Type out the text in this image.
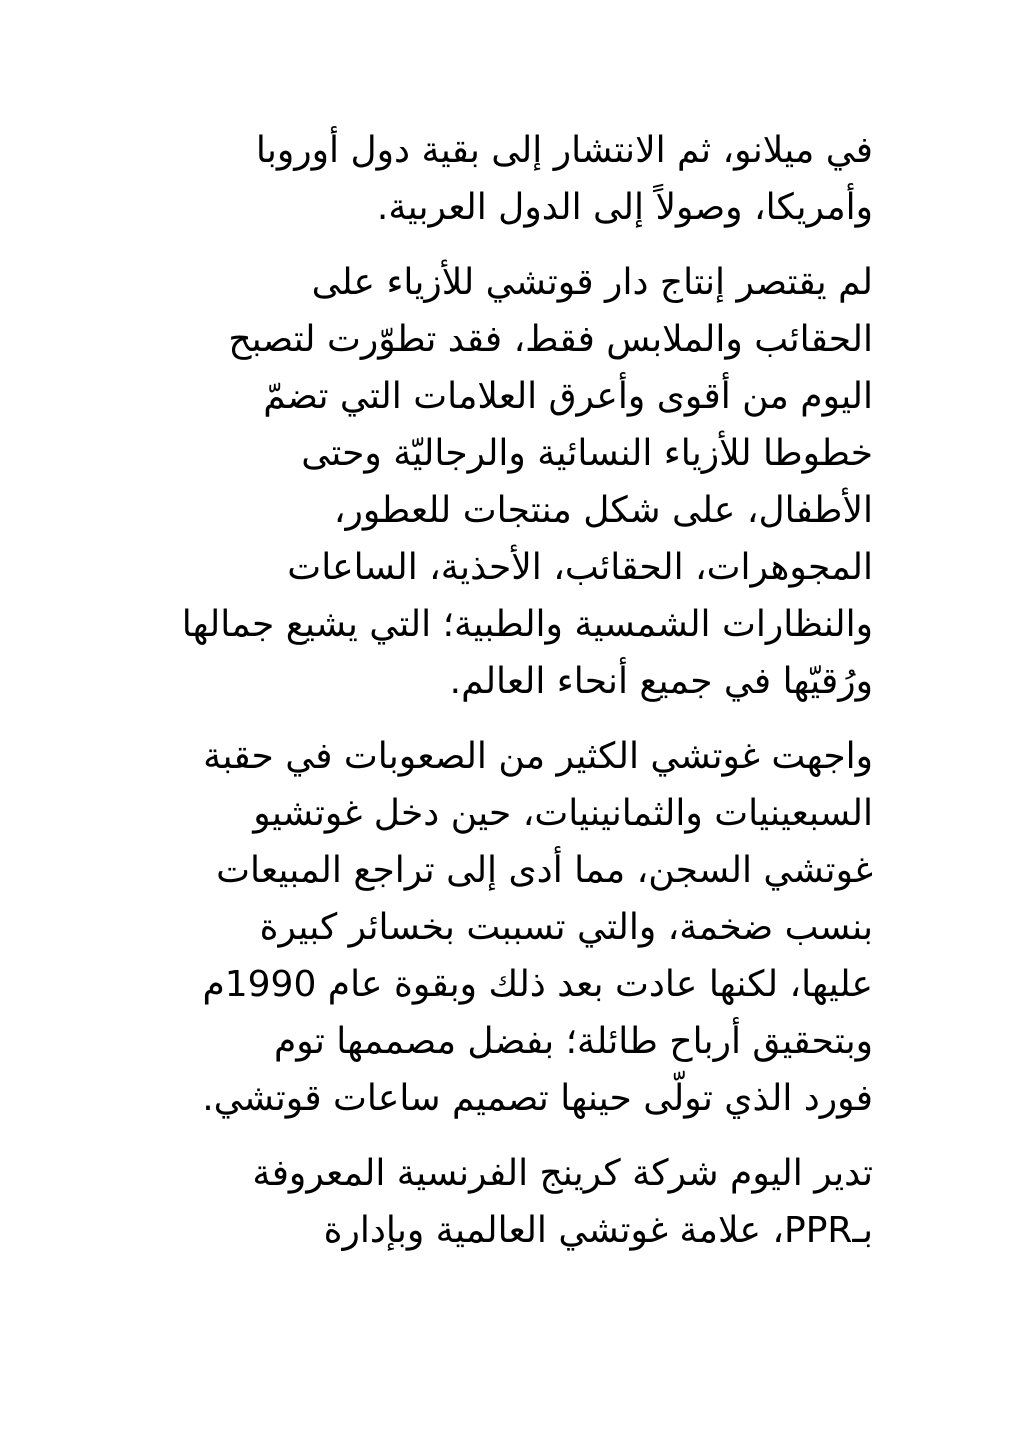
في ميلانو، ثم الانتشار إلى بقية دول أوروبا
وأمريكا، وصولاً إلى الدول العربية.

لم يقتصر إنتاج دار قوتشي للأزياء على
الحقائب والملابس فقط، فقد تطوّرت لتصبح
اليوم من أقوى وأعرق العلامات التي تضمّ
خطوطا للأزياء النسائية والرجاليّة وحتى
الأطفال، على شكل منتجات للعطور،
المجوهرات، الحقائب، الأحذية، الساعات
والنظارات الشمسية والطبية؛ التي يشيع جمالها
ورُقيّها في جميع أنحاء العالم.

واجهت غوتشي الكثير من الصعوبات في حقبة
السبعينيات والثمانينيات، حين دخل غوتشيو
غوتشي السجن، مما أدى إلى تراجع المبيعات
بنسب ضخمة، والتي تسببت بخسائر كبيرة
عليها، لكنها عادت بعد ذلك وبقوة عام 1990م
وبتحقيق أرباح طائلة؛ بفضل مصممها توم
فورد الذي تولّى حينها تصميم ساعات قوتشي.

تدير اليوم شركة كرينج الفرنسية المعروفة
بـPPR، علامة غوتشي العالمية وبإدارة
